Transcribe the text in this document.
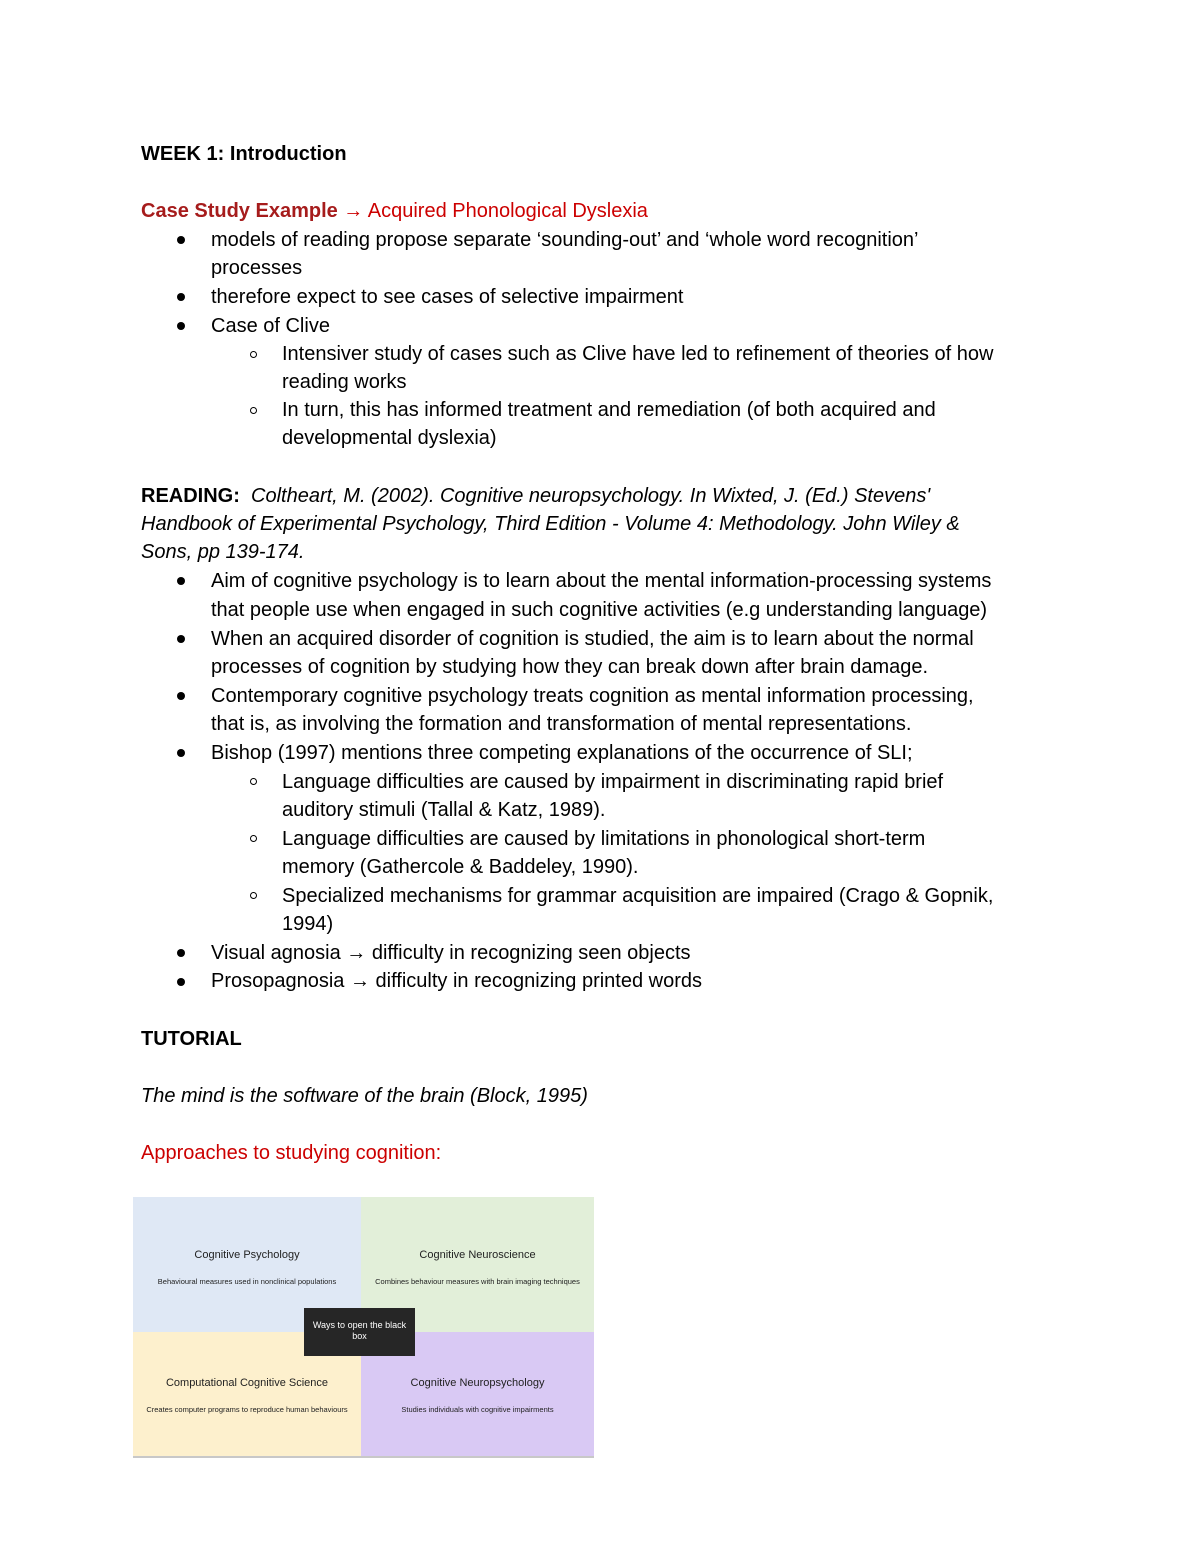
WEEK 1: Introduction
Case Study Example → Acquired Phonological Dyslexia
models of reading propose separate ‘sounding-out’ and ‘whole word recognition’
processes
therefore expect to see cases of selective impairment
Case of Clive
Intensiver study of cases such as Clive have led to refinement of theories of how
reading works
In turn, this has informed treatment and remediation (of both acquired and
developmental dyslexia)
READING: Coltheart, M. (2002). Cognitive neuropsychology. In Wixted, J. (Ed.) Stevens'
Handbook of Experimental Psychology, Third Edition - Volume 4: Methodology. John Wiley &
Sons, pp 139-174.
Aim of cognitive psychology is to learn about the mental information-processing systems
that people use when engaged in such cognitive activities (e.g understanding language)
When an acquired disorder of cognition is studied, the aim is to learn about the normal
processes of cognition by studying how they can break down after brain damage.
Contemporary cognitive psychology treats cognition as mental information processing,
that is, as involving the formation and transformation of mental representations.
Bishop (1997) mentions three competing explanations of the occurrence of SLI;
Language difficulties are caused by impairment in discriminating rapid brief
auditory stimuli (Tallal & Katz, 1989).
Language difficulties are caused by limitations in phonological short-term
memory (Gathercole & Baddeley, 1990).
Specialized mechanisms for grammar acquisition are impaired (Crago & Gopnik,
1994)
Visual agnosia → difficulty in recognizing seen objects
Prosopagnosia → difficulty in recognizing printed words
TUTORIAL
The mind is the software of the brain (Block, 1995)
Approaches to studying cognition:
Cognitive Psychology
Behavioural measures used in nonclinical populations
Cognitive Neuroscience
Combines behaviour measures with brain imaging techniques
Computational Cognitive Science
Creates computer programs to reproduce human behaviours
Cognitive Neuropsychology
Studies individuals with cognitive impairments
Ways to open the black box
